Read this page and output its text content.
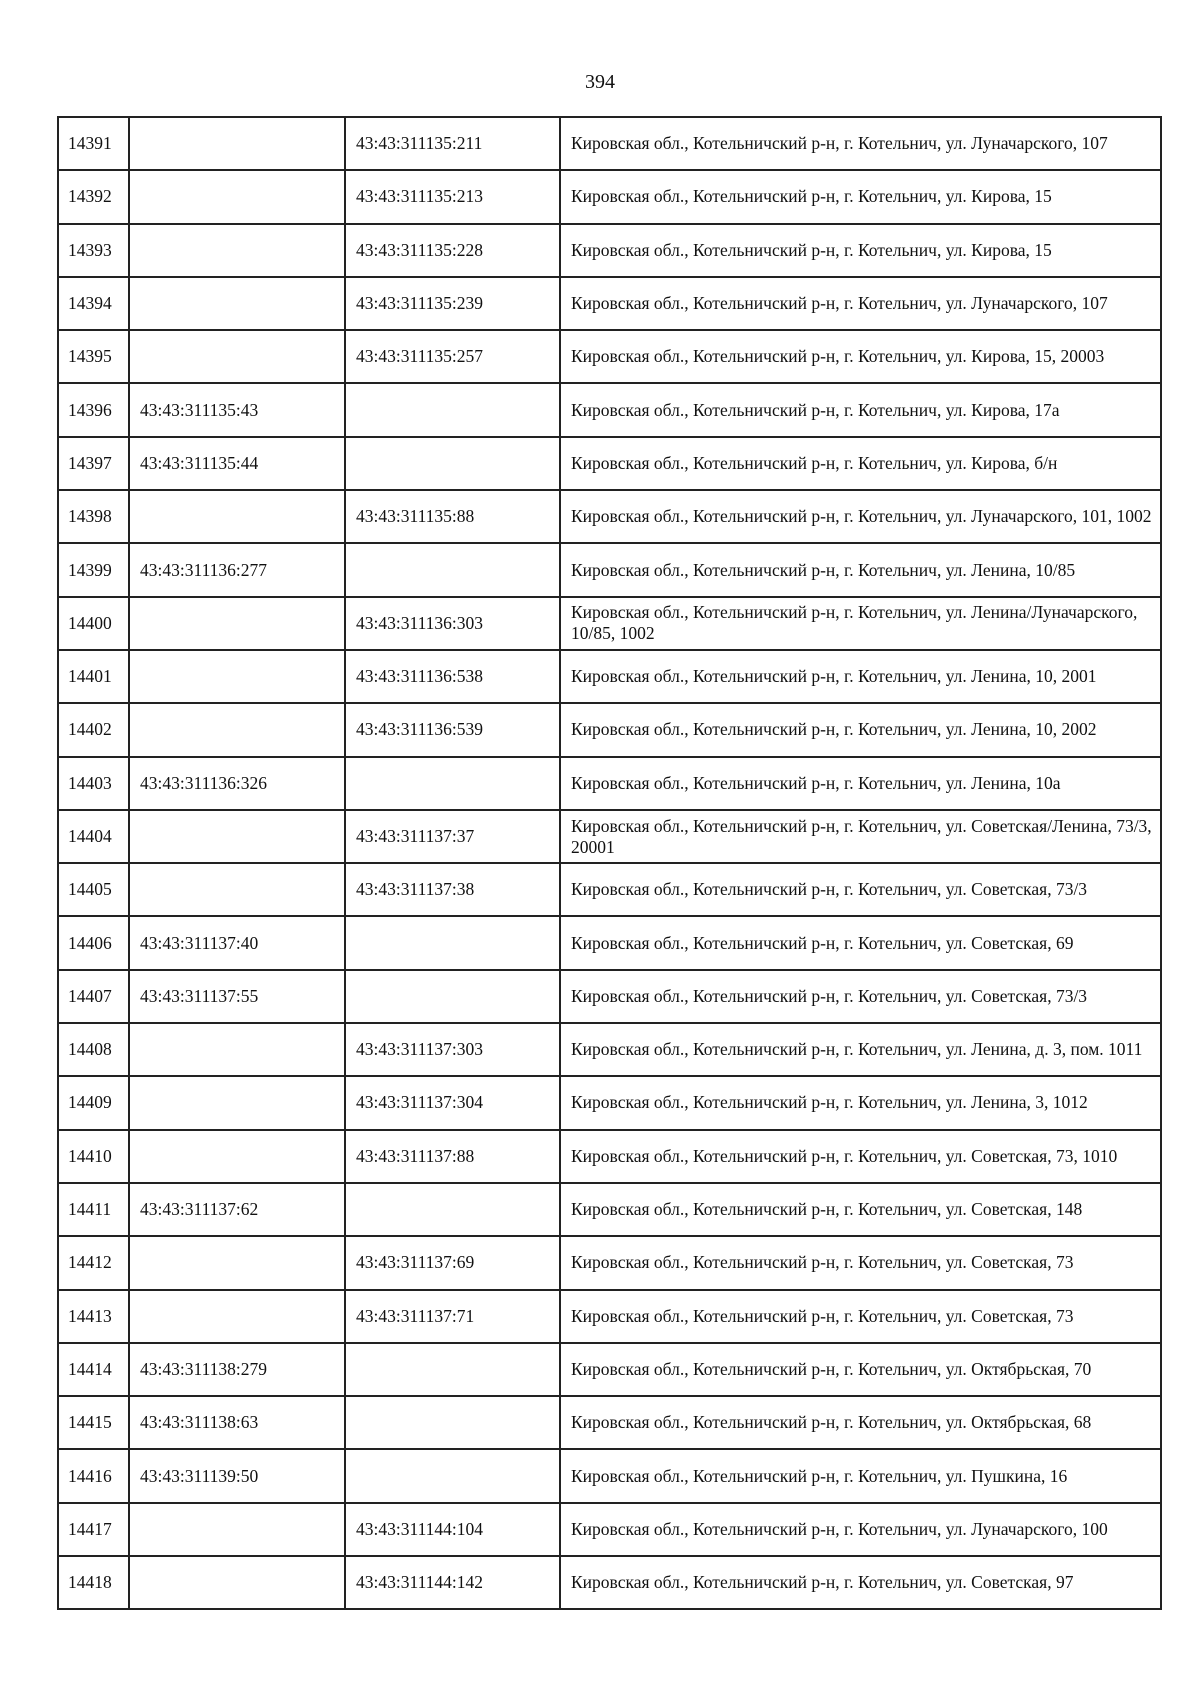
394
14391		43:43:311135:211	Кировская обл., Котельничский р-н, г. Котельнич, ул. Луначарского, 107
14392		43:43:311135:213	Кировская обл., Котельничский р-н, г. Котельнич, ул. Кирова, 15
14393		43:43:311135:228	Кировская обл., Котельничский р-н, г. Котельнич, ул. Кирова, 15
14394		43:43:311135:239	Кировская обл., Котельничский р-н, г. Котельнич, ул. Луначарского, 107
14395		43:43:311135:257	Кировская обл., Котельничский р-н, г. Котельнич, ул. Кирова, 15, 20003
14396	43:43:311135:43		Кировская обл., Котельничский р-н, г. Котельнич, ул. Кирова, 17а
14397	43:43:311135:44		Кировская обл., Котельничский р-н, г. Котельнич, ул. Кирова, б/н
14398		43:43:311135:88	Кировская обл., Котельничский р-н, г. Котельнич, ул. Луначарского, 101, 1002
14399	43:43:311136:277		Кировская обл., Котельничский р-н, г. Котельнич, ул. Ленина, 10/85
14400		43:43:311136:303	Кировская обл., Котельничский р-н, г. Котельнич, ул. Ленина/Луначарского, 10/85, 1002
14401		43:43:311136:538	Кировская обл., Котельничский р-н, г. Котельнич, ул. Ленина, 10, 2001
14402		43:43:311136:539	Кировская обл., Котельничский р-н, г. Котельнич, ул. Ленина, 10, 2002
14403	43:43:311136:326		Кировская обл., Котельничский р-н, г. Котельнич, ул. Ленина, 10а
14404		43:43:311137:37	Кировская обл., Котельничский р-н, г. Котельнич, ул. Советская/Ленина, 73/3, 20001
14405		43:43:311137:38	Кировская обл., Котельничский р-н, г. Котельнич, ул. Советская, 73/3
14406	43:43:311137:40		Кировская обл., Котельничский р-н, г. Котельнич, ул. Советская, 69
14407	43:43:311137:55		Кировская обл., Котельничский р-н, г. Котельнич, ул. Советская, 73/3
14408		43:43:311137:303	Кировская обл., Котельничский р-н, г. Котельнич, ул. Ленина, д. 3, пом. 1011
14409		43:43:311137:304	Кировская обл., Котельничский р-н, г. Котельнич, ул. Ленина, 3, 1012
14410		43:43:311137:88	Кировская обл., Котельничский р-н, г. Котельнич, ул. Советская, 73, 1010
14411	43:43:311137:62		Кировская обл., Котельничский р-н, г. Котельнич, ул. Советская, 148
14412		43:43:311137:69	Кировская обл., Котельничский р-н, г. Котельнич, ул. Советская, 73
14413		43:43:311137:71	Кировская обл., Котельничский р-н, г. Котельнич, ул. Советская, 73
14414	43:43:311138:279		Кировская обл., Котельничский р-н, г. Котельнич, ул. Октябрьская, 70
14415	43:43:311138:63		Кировская обл., Котельничский р-н, г. Котельнич, ул. Октябрьская, 68
14416	43:43:311139:50		Кировская обл., Котельничский р-н, г. Котельнич, ул. Пушкина, 16
14417		43:43:311144:104	Кировская обл., Котельничский р-н, г. Котельнич, ул. Луначарского, 100
14418		43:43:311144:142	Кировская обл., Котельничский р-н, г. Котельнич, ул. Советская, 97
